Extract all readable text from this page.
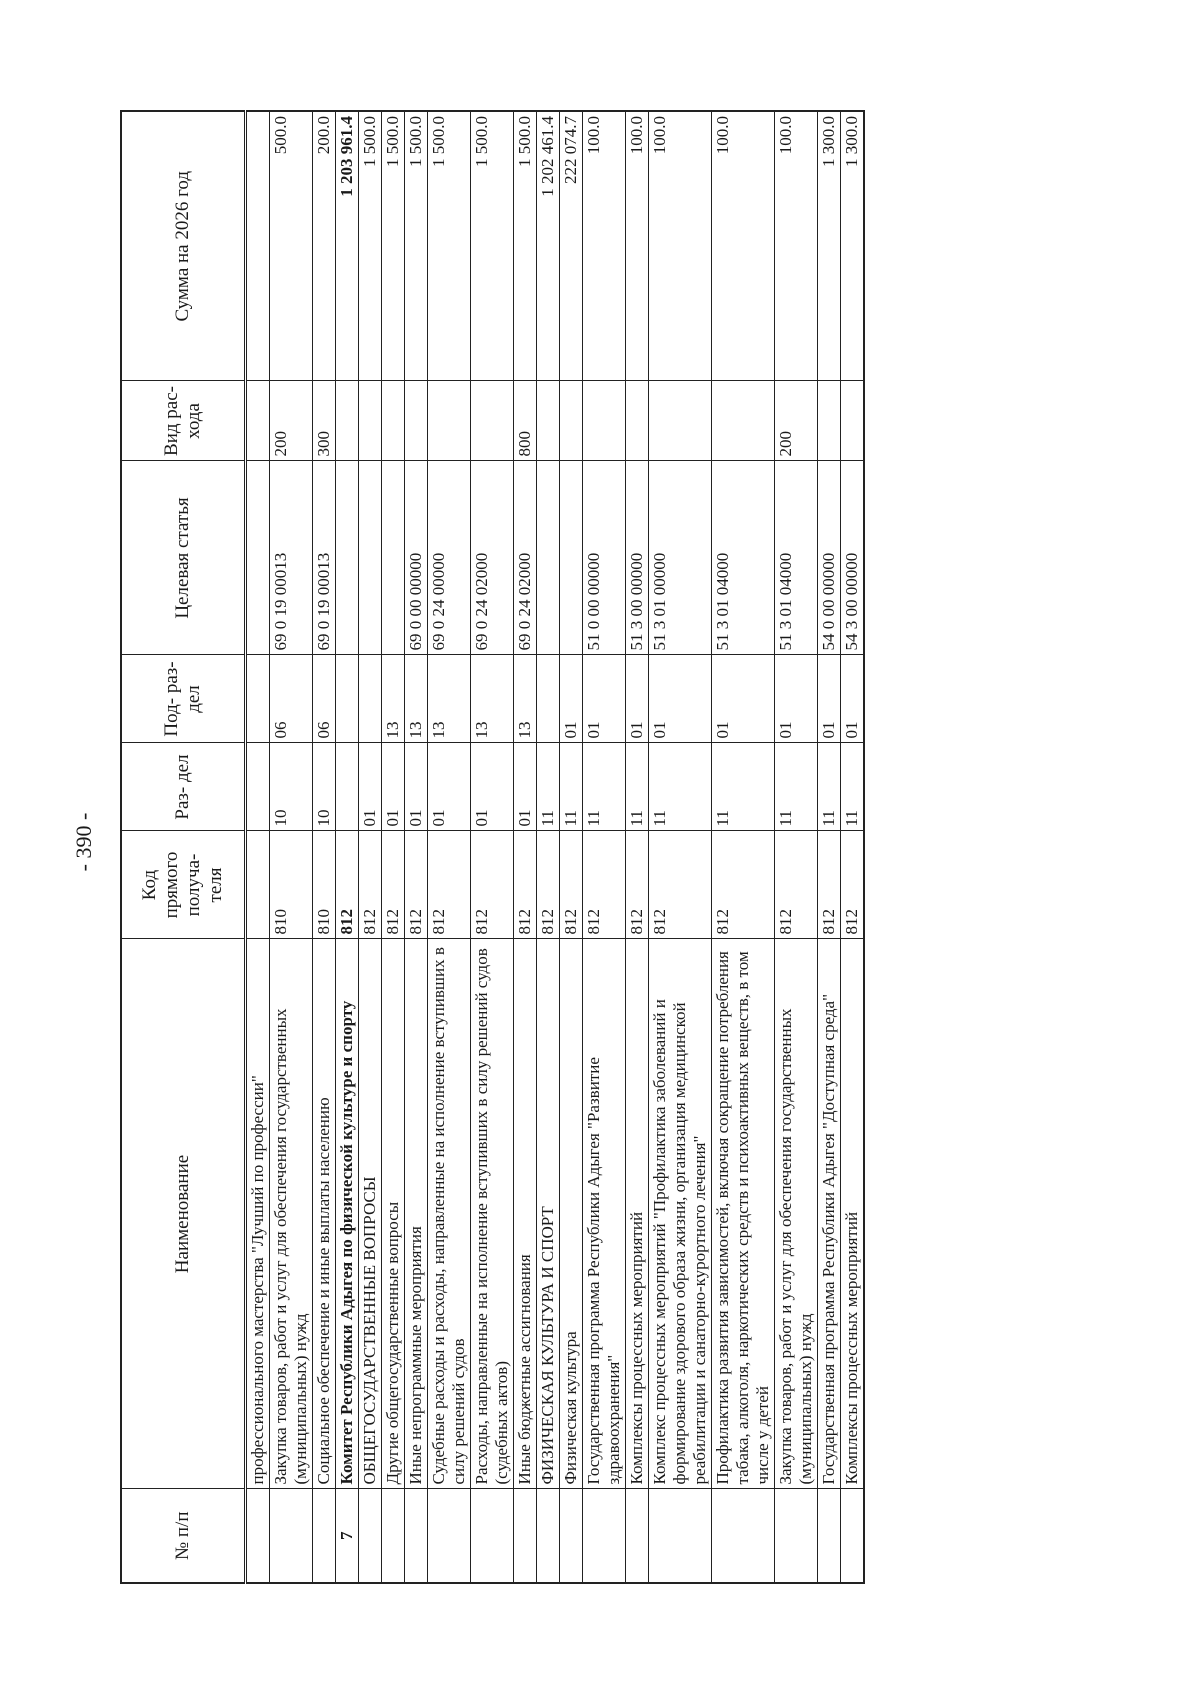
- 390 -
№ п/п	Наименование	Код прямого получа- теля	Раз- дел	Под- раз- дел	Целевая статья	Вид рас- хода	Сумма на 2026 год
	профессионального мастерства "Лучший по профессии"						
	Закупка товаров, работ и услуг для обеспечения государственных (муниципальных) нужд	810	10	06	69 0 19 00013	200	500.0
	Социальное обеспечение и иные выплаты населению	810	10	06	69 0 19 00013	300	200.0
7	Комитет Республики Адыгея по физической культуре и спорту	812					1 203 961.4
	ОБЩЕГОСУДАРСТВЕННЫЕ ВОПРОСЫ	812	01				1 500.0
	Другие общегосударственные вопросы	812	01	13			1 500.0
	Иные непрограммные мероприятия	812	01	13	69 0 00 00000		1 500.0
	Судебные расходы и расходы, направленные на исполнение вступивших в силу решений судов	812	01	13	69 0 24 00000		1 500.0
	Расходы, направленные на исполнение вступивших в силу решений судов (судебных актов)	812	01	13	69 0 24 02000		1 500.0
	Иные бюджетные ассигнования	812	01	13	69 0 24 02000	800	1 500.0
	ФИЗИЧЕСКАЯ КУЛЬТУРА И СПОРТ	812	11				1 202 461.4
	Физическая культура	812	11	01			222 074.7
	Государственная программа Республики Адыгея "Развитие здравоохранения"	812	11	01	51 0 00 00000		100.0
	Комплексы процессных мероприятий	812	11	01	51 3 00 00000		100.0
	Комплекс процессных мероприятий "Профилактика заболеваний и формирование здорового образа жизни, организация медицинской реабилитации и санаторно-курортного лечения"	812	11	01	51 3 01 00000		100.0
	Профилактика развития зависимостей, включая сокращение потребления табака, алкоголя, наркотических средств и психоактивных веществ, в том числе у детей	812	11	01	51 3 01 04000		100.0
	Закупка товаров, работ и услуг для обеспечения государственных (муниципальных) нужд	812	11	01	51 3 01 04000	200	100.0
	Государственная программа Республики Адыгея "Доступная среда"	812	11	01	54 0 00 00000		1 300.0
	Комплексы процессных мероприятий	812	11	01	54 3 00 00000		1 300.0
